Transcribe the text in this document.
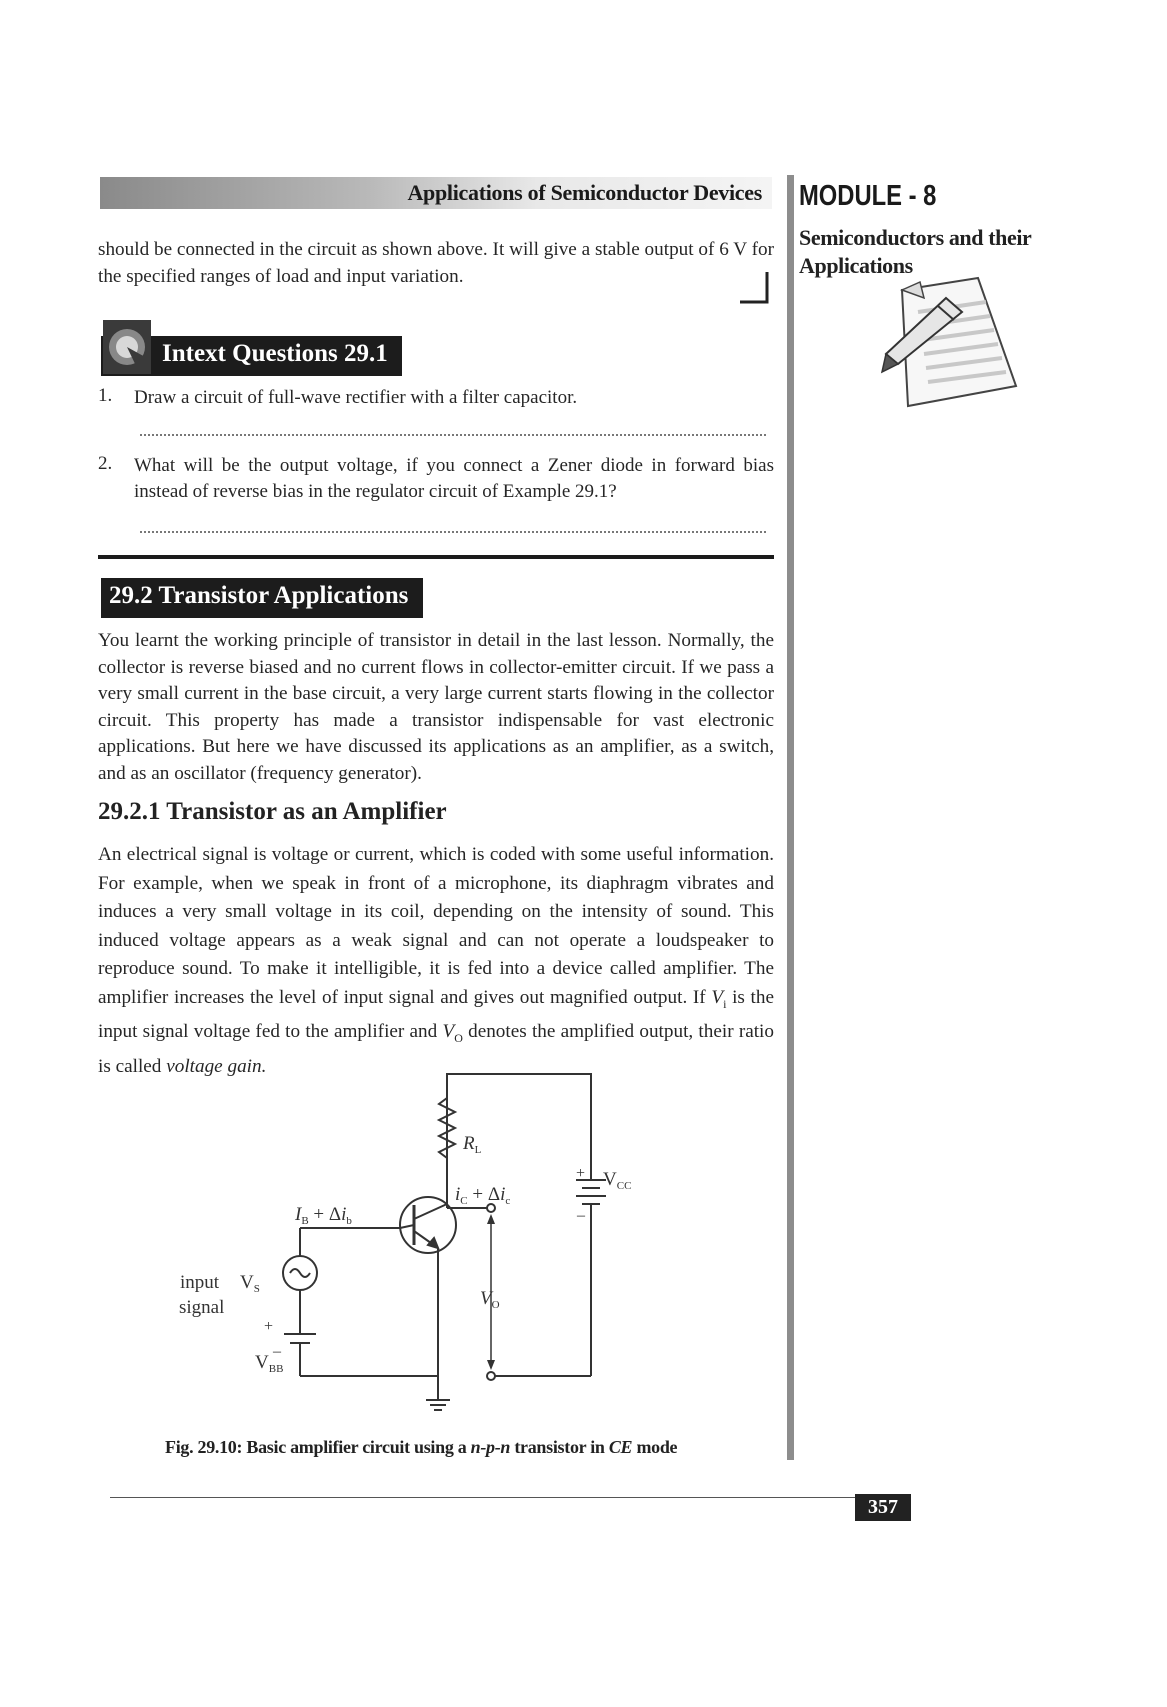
Applications of Semiconductor Devices MODULE - 8
Semiconductors and their
Applications
should be connected in the circuit as shown above. It will give a stable output of 6 V for the specified ranges of load and input variation.
Intext Questions 29.1
1. Draw a circuit of full-wave rectifier with a filter capacitor.
2. What will be the output voltage, if you connect a Zener diode in forward bias instead of reverse bias in the regulator circuit of Example 29.1?
29.2 Transistor Applications
You learnt the working principle of transistor in detail in the last lesson. Normally, the collector is reverse biased and no current flows in collector-emitter circuit. If we pass a very small current in the base circuit, a very large current starts flowing in the collector circuit. This property has made a transistor indispensable for vast electronic applications. But here we have discussed its applications as an amplifier, as a switch, and as an oscillator (frequency generator).
29.2.1 Transistor as an Amplifier
An electrical signal is voltage or current, which is coded with some useful information. For example, when we speak in front of a microphone, its diaphragm vibrates and induces a very small voltage in its coil, depending on the intensity of sound. This induced voltage appears as a weak signal and can not operate a loudspeaker to reproduce sound. To make it intelligible, it is fed into a device called amplifier. The amplifier increases the level of input signal and gives out magnified output. If $V_i$ is the input signal voltage fed to the amplifier and $V_O$ denotes the amplified output, their ratio is called voltage gain.
$R_L$
$V_{CC}$
+
–
$i_C + \Delta i_c$
$I_B + \Delta i_b$
input
signal
$V_S$
+
$V_{BB}$
–
$V_O$
Fig. 29.10: Basic amplifier circuit using a n-p-n transistor in CE mode
357
